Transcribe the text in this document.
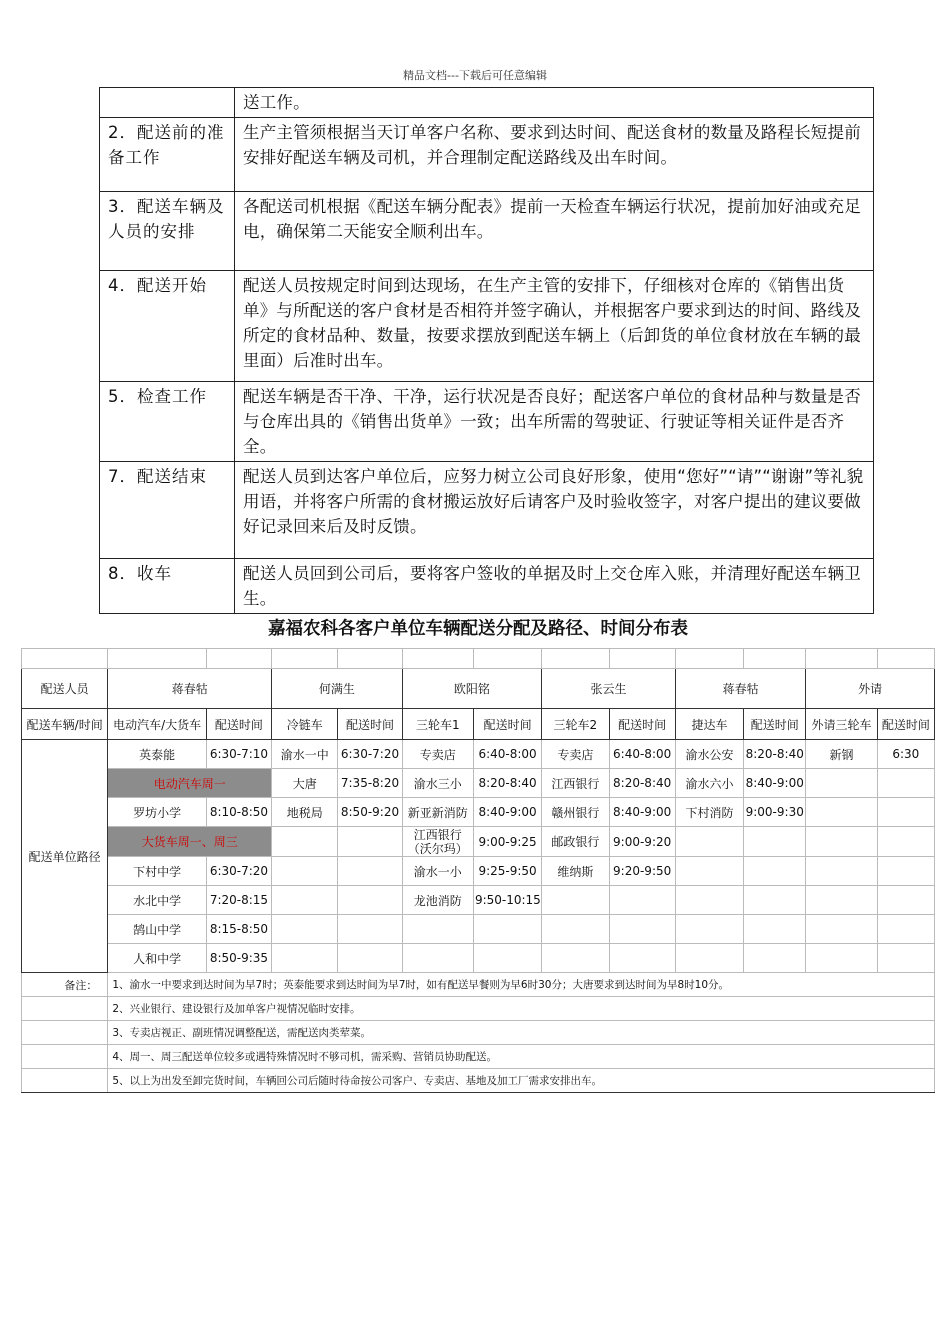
精品文档---下载后可任意编辑
	送工作。
2．配送前的准备工作	生产主管须根据当天订单客户名称、要求到达时间、配送食材的数量及路程长短提前安排好配送车辆及司机，并合理制定配送路线及出车时间。
3．配送车辆及人员的安排	各配送司机根据《配送车辆分配表》提前一天检查车辆运行状况，提前加好油或充足电，确保第二天能安全顺利出车。
4．配送开始	配送人员按规定时间到达现场，在生产主管的安排下，仔细核对仓库的《销售出货单》与所配送的客户食材是否相符并签字确认，并根据客户要求到达的时间、路线及所定的食材品种、数量，按要求摆放到配送车辆上（后卸货的单位食材放在车辆的最里面）后准时出车。
5．检查工作	配送车辆是否干净、干净，运行状况是否良好；配送客户单位的食材品种与数量是否与仓库出具的《销售出货单》一致；出车所需的驾驶证、行驶证等相关证件是否齐全。
7．配送结束	配送人员到达客户单位后，应努力树立公司良好形象，使用“您好”“请”“谢谢”等礼貌用语，并将客户所需的食材搬运放好后请客户及时验收签字，对客户提出的建议要做好记录回来后及时反馈。
8．收车	配送人员回到公司后，要将客户签收的单据及时上交仓库入账，并清理好配送车辆卫生。
嘉福农科各客户单位车辆配送分配及路径、时间分布表

配送人员	蒋春牯		何满生		欧阳铭		张云生		蒋春牯		外请	
配送车辆/时间	电动汽车/大货车	配送时间	冷链车	配送时间	三轮车1	配送时间	三轮车2	配送时间	捷达车	配送时间	外请三轮车	配送时间
配送单位路径	英泰能	6:30-7:10	渝水一中	6:30-7:20	专卖店	6:40-8:00	专卖店	6:40-8:00	渝水公安	8:20-8:40	新钢	6:30
	电动汽车周一		大唐	7:35-8:20	渝水三小	8:20-8:40	江西银行	8:20-8:40	渝水六小	8:40-9:00		
	罗坊小学	8:10-8:50	地税局	8:50-9:20	新亚新消防	8:40-9:00	赣州银行	8:40-9:00	下村消防	9:00-9:30		
	大货车周一、周三				江西银行（沃尔玛）	9:00-9:25	邮政银行	9:00-9:20				
	下村中学	6:30-7:20			渝水一小	9:25-9:50	维纳斯	9:20-9:50				
	水北中学	7:20-8:15			龙池消防	9:50-10:15						
	鹄山中学	8:15-8:50										
	人和中学	8:50-9:35										
备注：	1、渝水一中要求到达时间为早7时；英泰能要求到达时间为早7时，如有配送早餐则为早6时30分；大唐要求到达时间为早8时10分。											
	2、兴业银行、建设银行及加单客户视情况临时安排。											
	3、专卖店视正、副班情况调整配送，需配送肉类荤菜。											
	4、周一、周三配送单位较多或遇特殊情况时不够司机，需采购、营销员协助配送。											
	5、以上为出发至卸完货时间，车辆回公司后随时待命按公司客户、专卖店、基地及加工厂需求安排出车。											
